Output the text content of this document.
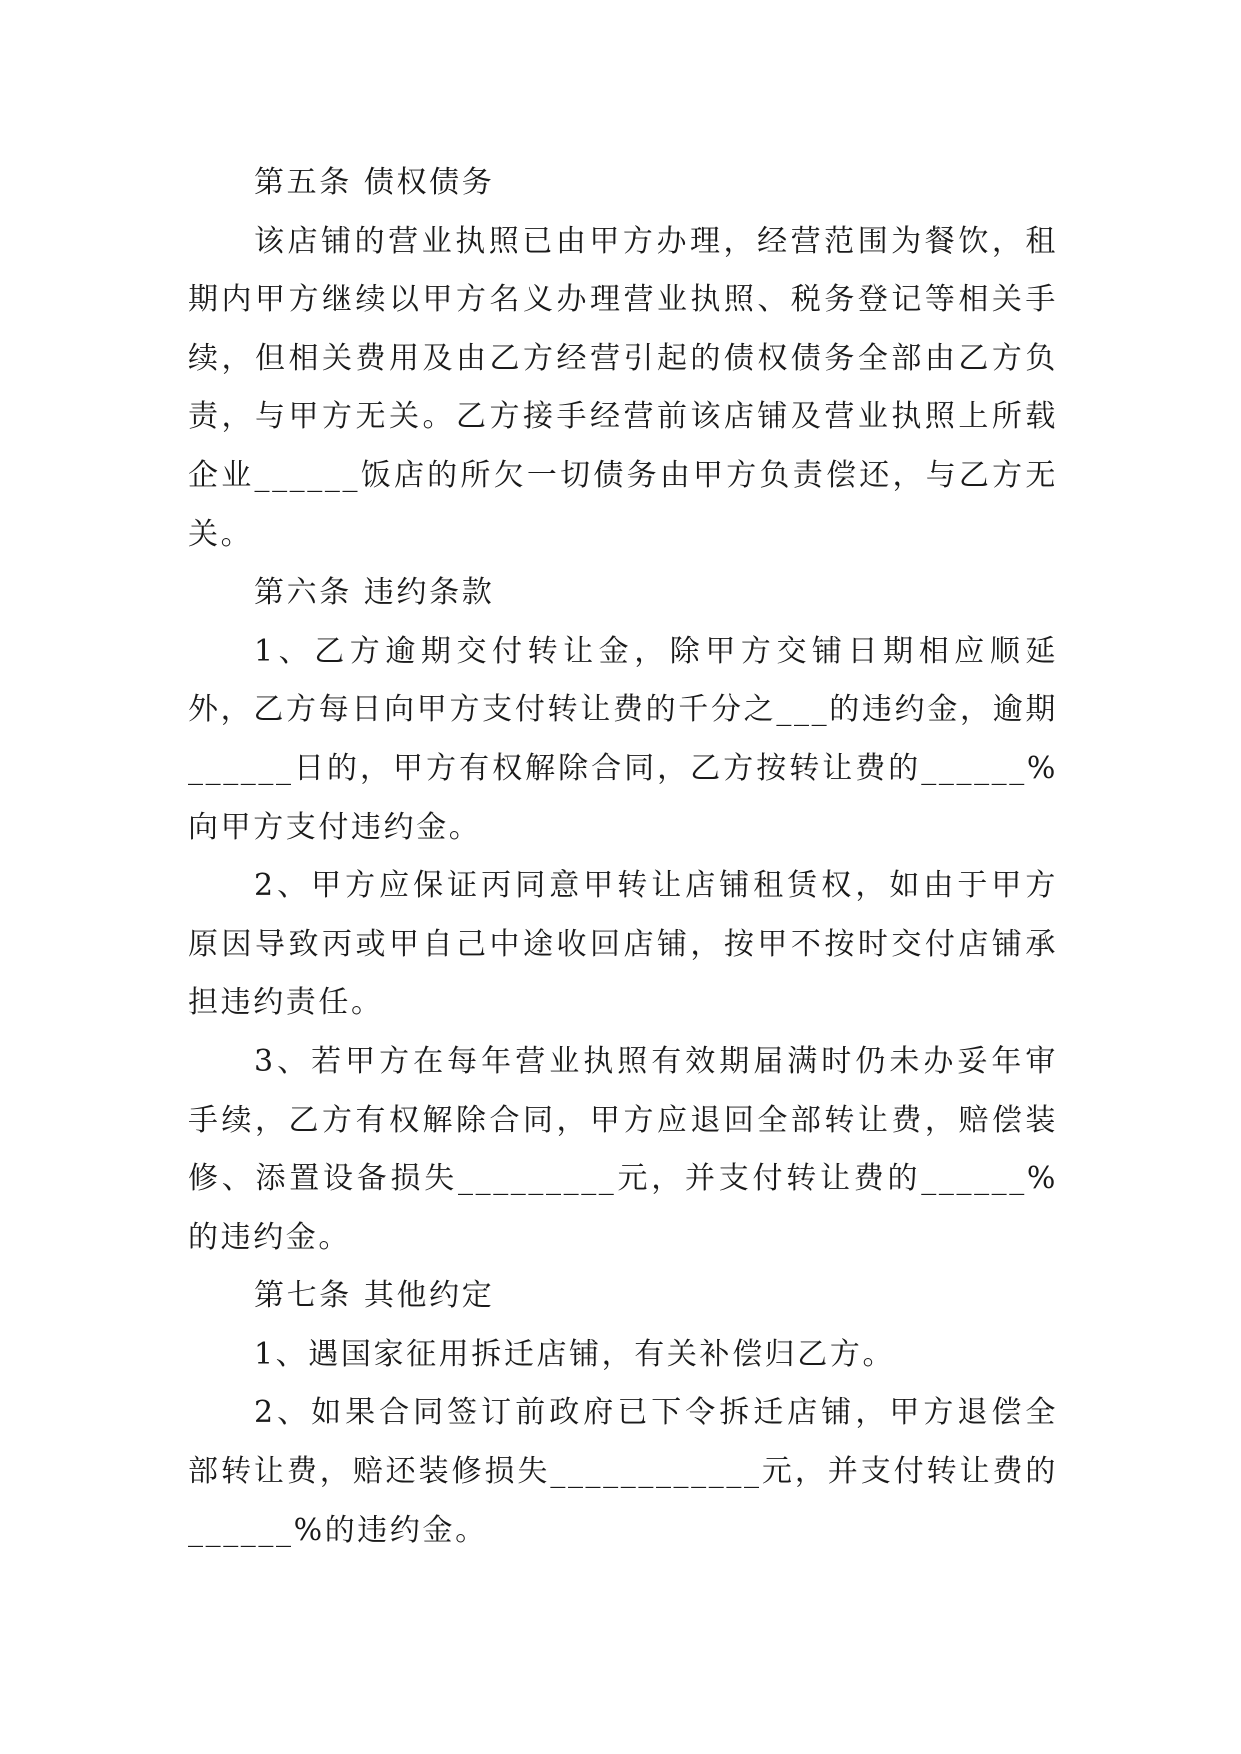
第五条 债权债务

该店铺的营业执照已由甲方办理，经营范围为餐饮，租期内甲方继续以甲方名义办理营业执照、税务登记等相关手续，但相关费用及由乙方经营引起的债权债务全部由乙方负责，与甲方无关。乙方接手经营前该店铺及营业执照上所载企业______饭店的所欠一切债务由甲方负责偿还，与乙方无关。

第六条 违约条款

1、乙方逾期交付转让金，除甲方交铺日期相应顺延外，乙方每日向甲方支付转让费的千分之___的违约金，逾期______日的，甲方有权解除合同，乙方按转让费的______%向甲方支付违约金。

2、甲方应保证丙同意甲转让店铺租赁权，如由于甲方原因导致丙或甲自己中途收回店铺，按甲不按时交付店铺承担违约责任。

3、若甲方在每年营业执照有效期届满时仍未办妥年审手续，乙方有权解除合同，甲方应退回全部转让费，赔偿装修、添置设备损失_________元，并支付转让费的______%的违约金。

第七条 其他约定

1、遇国家征用拆迁店铺，有关补偿归乙方。

2、如果合同签订前政府已下令拆迁店铺，甲方退偿全部转让费，赔还装修损失____________元，并支付转让费的______%的违约金。
